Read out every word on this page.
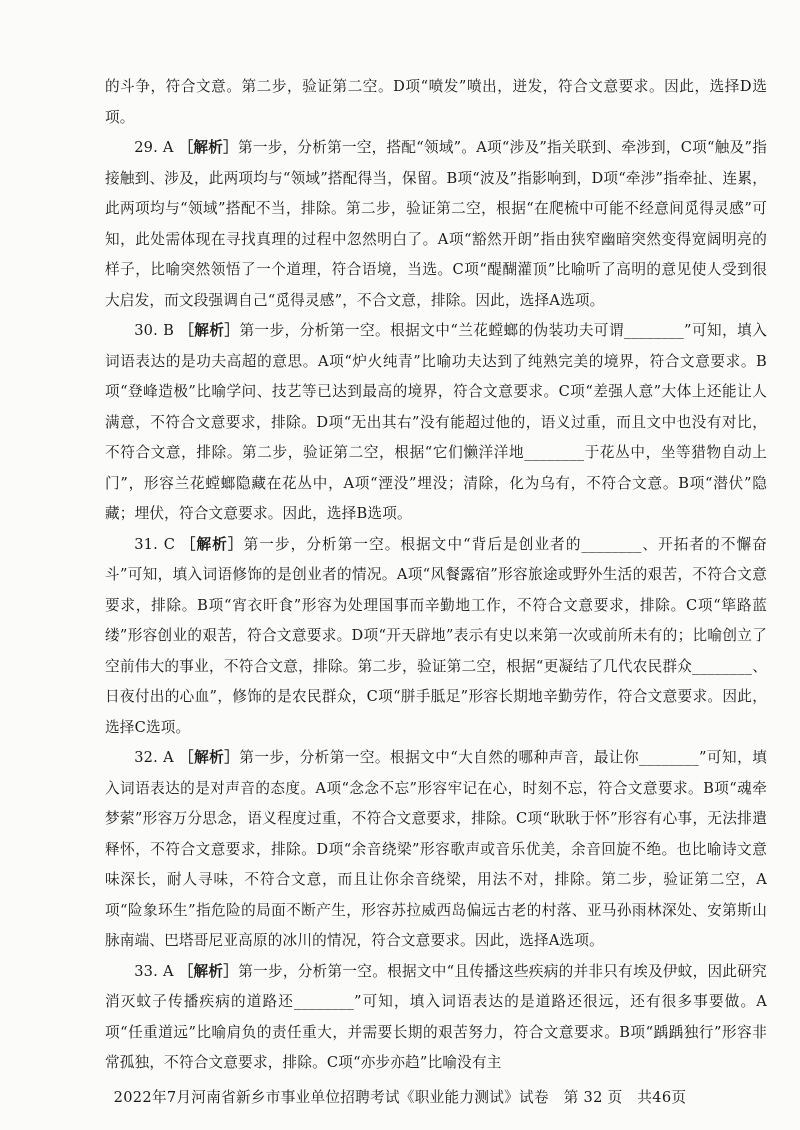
的斗争，符合文意。第二步，验证第二空。D项“喷发”喷出，迸发，符合文意要求。因此，选择D选项。

29. A ［解析］第一步，分析第一空，搭配“领域”。A项“涉及”指关联到、牵涉到，C项“触及”指接触到、涉及，此两项均与“领域”搭配得当，保留。B项“波及”指影响到，D项“牵涉”指牵扯、连累，此两项均与“领域”搭配不当，排除。第二步，验证第二空，根据“在爬梳中可能不经意间觅得灵感”可知，此处需体现在寻找真理的过程中忽然明白了。A项“豁然开朗”指由狭窄幽暗突然变得宽阔明亮的样子，比喻突然领悟了一个道理，符合语境，当选。C项“醍醐灌顶”比喻听了高明的意见使人受到很大启发，而文段强调自己“觅得灵感”，不合文意，排除。因此，选择A选项。

30. B ［解析］第一步，分析第一空。根据文中“兰花螳螂的伪装功夫可谓________”可知，填入词语表达的是功夫高超的意思。A项“炉火纯青”比喻功夫达到了纯熟完美的境界，符合文意要求。B项“登峰造极”比喻学问、技艺等已达到最高的境界，符合文意要求。C项“差强人意”大体上还能让人满意，不符合文意要求，排除。D项“无出其右”没有能超过他的，语义过重，而且文中也没有对比，不符合文意，排除。第二步，验证第二空，根据“它们懒洋洋地________于花丛中，坐等猎物自动上门”，形容兰花螳螂隐藏在花丛中，A项“湮没”埋没；清除，化为乌有，不符合文意。B项“潜伏”隐藏；埋伏，符合文意要求。因此，选择B选项。

31. C ［解析］第一步，分析第一空。根据文中“背后是创业者的________、开拓者的不懈奋斗”可知，填入词语修饰的是创业者的情况。A项“风餐露宿”形容旅途或野外生活的艰苦，不符合文意要求，排除。B项“宵衣旰食”形容为处理国事而辛勤地工作，不符合文意要求，排除。C项“筚路蓝缕”形容创业的艰苦，符合文意要求。D项“开天辟地”表示有史以来第一次或前所未有的；比喻创立了空前伟大的事业，不符合文意，排除。第二步，验证第二空，根据“更凝结了几代农民群众________、日夜付出的心血”，修饰的是农民群众，C项“胼手胝足”形容长期地辛勤劳作，符合文意要求。因此，选择C选项。

32. A ［解析］第一步，分析第一空。根据文中“大自然的哪种声音，最让你________”可知，填入词语表达的是对声音的态度。A项“念念不忘”形容牢记在心，时刻不忘，符合文意要求。B项“魂牵梦萦”形容万分思念，语义程度过重，不符合文意要求，排除。C项“耿耿于怀”形容有心事，无法排遣释怀，不符合文意要求，排除。D项“余音绕梁”形容歌声或音乐优美，余音回旋不绝。也比喻诗文意味深长，耐人寻味，不符合文意，而且让你余音绕梁，用法不对，排除。第二步，验证第二空，A项“险象环生”指危险的局面不断产生，形容苏拉威西岛偏远古老的村落、亚马孙雨林深处、安第斯山脉南端、巴塔哥尼亚高原的冰川的情况，符合文意要求。因此，选择A选项。

33. A ［解析］第一步，分析第一空。根据文中“且传播这些疾病的并非只有埃及伊蚊，因此研究消灭蚊子传播疾病的道路还________”可知，填入词语表达的是道路还很远，还有很多事要做。A项“任重道远”比喻肩负的责任重大，并需要长期的艰苦努力，符合文意要求。B项“踽踽独行”形容非常孤独，不符合文意要求，排除。C项“亦步亦趋”比喻没有主

2022年7月河南省新乡市事业单位招聘考试《职业能力测试》试卷　第 32 页　共46页
